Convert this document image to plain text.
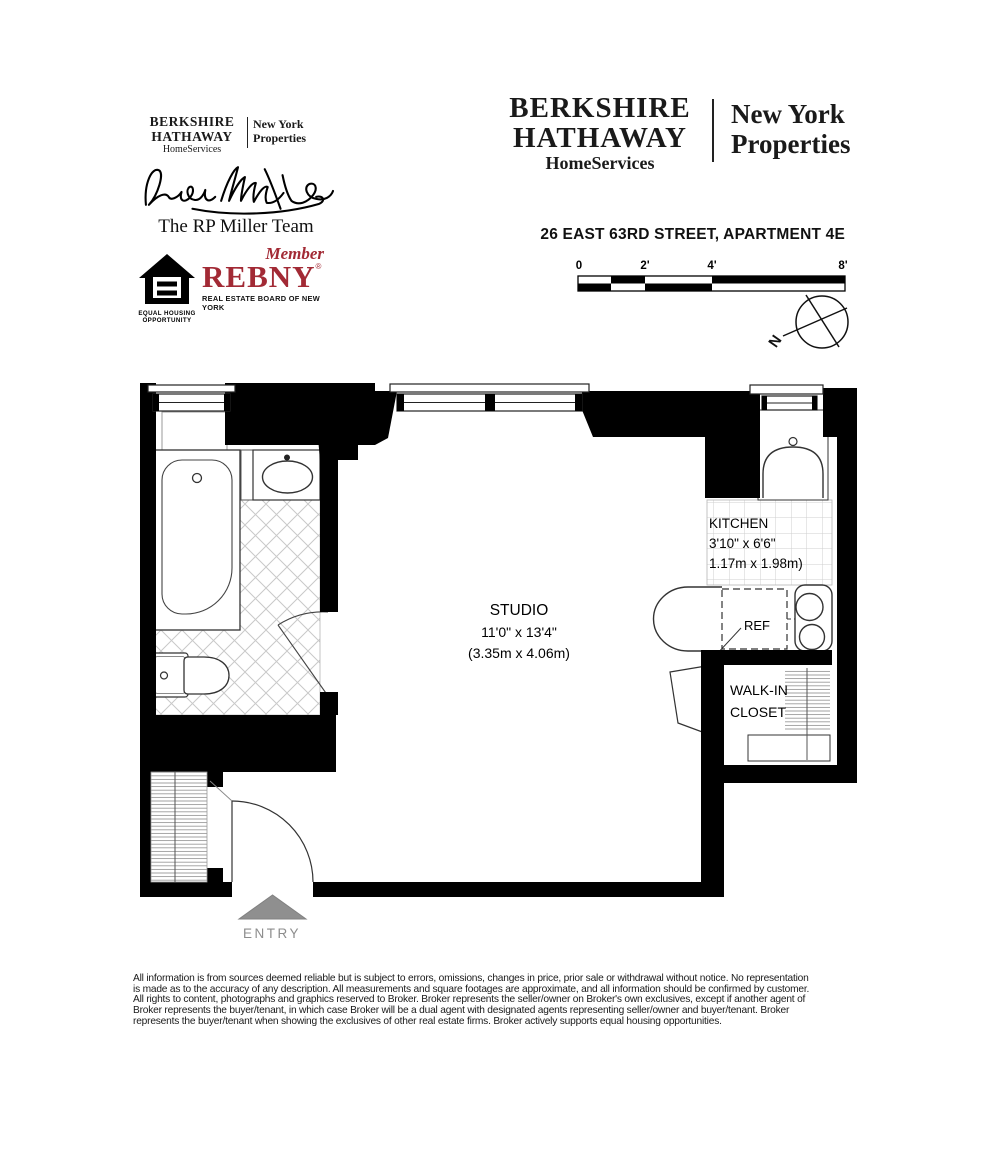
BERKSHIRE
HATHAWAY
HomeServices
New York
Properties
The RP Miller Team
EQUAL HOUSING
OPPORTUNITY
Member
REBNY®
REAL ESTATE BOARD OF NEW YORK
BERKSHIRE
HATHAWAY
HomeServices
New York
Properties
26 EAST 63RD STREET, APARTMENT 4E
0	2'	4'	8'
N
REF
KITCHEN
3'10" x 6'6"
1.17m x 1.98m)
WALK-IN
CLOSET
ENTRY
STUDIO
11'0" x 13'4"
(3.35m x 4.06m)
All information is from sources deemed reliable but is subject to errors, omissions, changes in price, prior sale or withdrawal without notice. No representation
is made as to the accuracy of any description. All measurements and square footages are approximate, and all information should be confirmed by customer.
All rights to content, photographs and graphics reserved to Broker. Broker represents the seller/owner on Broker's own exclusives, except if another agent of
Broker represents the buyer/tenant, in which case Broker will be a dual agent with designated agents representing seller/owner and buyer/tenant. Broker
represents the buyer/tenant when showing the exclusives of other real estate firms. Broker actively supports equal housing opportunities.
